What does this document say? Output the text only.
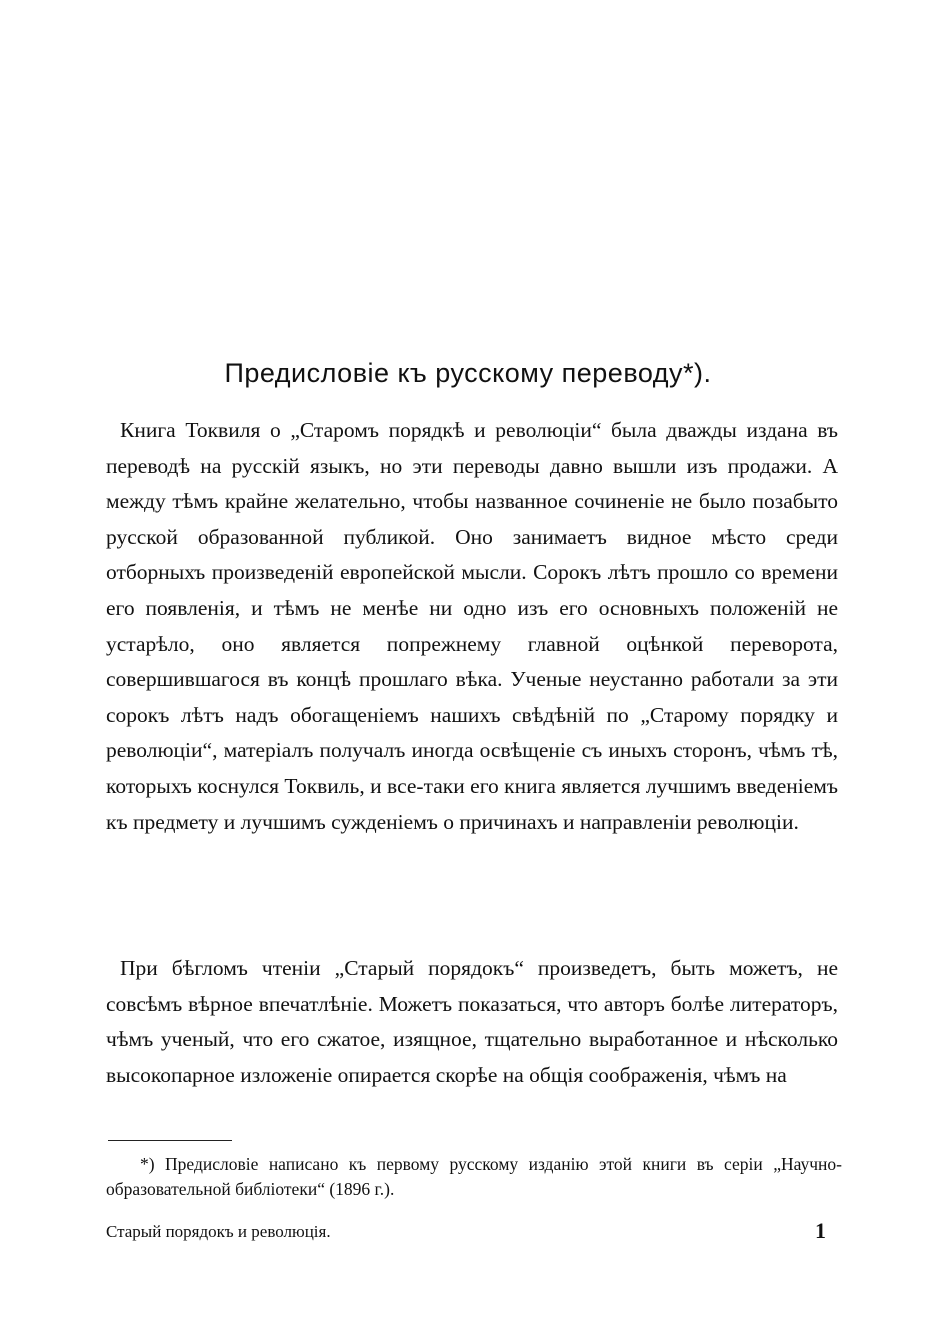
Предисловіе къ русскому переводу*).

Книга Токвиля о „Старомъ порядкѣ и революціи“ была дважды издана въ переводѣ на русскій языкъ, но эти переводы давно вышли изъ продажи. А между тѣмъ крайне желательно, чтобы названное сочиненіе не было позабыто русской образованной публикой. Оно занимаетъ видное мѣсто среди отборныхъ произведеній европейской мысли. Сорокъ лѣтъ прошло со времени его появленія, и тѣмъ не менѣе ни одно изъ его основныхъ положеній не устарѣло, оно является попрежнему главной оцѣнкой переворота, совершившагося въ концѣ прошлаго вѣка. Ученые неустанно работали за эти сорокъ лѣтъ надъ обогащеніемъ нашихъ свѣдѣній по „Старому порядку и революціи“, матеріалъ получалъ иногда освѣщеніе съ иныхъ сторонъ, чѣмъ тѣ, которыхъ коснулся Токвиль, и все-таки его книга является лучшимъ введеніемъ къ предмету и лучшимъ сужденіемъ о причинахъ и направленіи революціи.

При бѣгломъ чтеніи „Старый порядокъ“ произведетъ, быть можетъ, не совсѣмъ вѣрное впечатлѣніе. Можетъ показаться, что авторъ болѣе литераторъ, чѣмъ ученый, что его сжатое, изящное, тщательно выработанное и нѣсколько высокопарное изложеніе опирается скорѣе на общія соображенія, чѣмъ на

*) Предисловіе написано къ первому русскому изданію этой книги въ серіи „Научно-образовательной библіотеки“ (1896 г.).

Старый порядокъ и революція.	1
